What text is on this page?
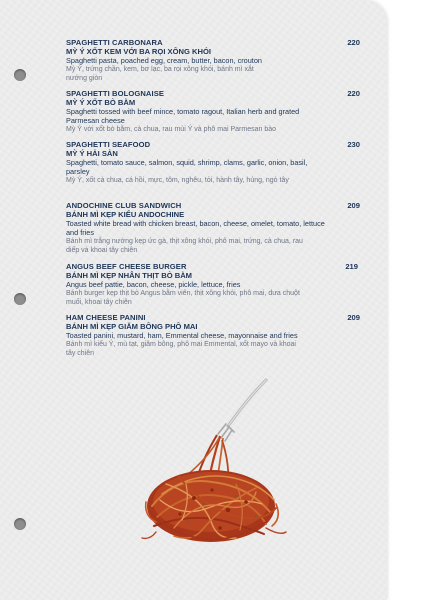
SPAGHETTI CARBONARA	220
MỲ Ý XỐT KEM VỚI BA RỌI XÔNG KHÓI
Spaghetti pasta, poached egg, cream, butter, bacon, crouton
Mỳ Ý, trứng chần, kem, bơ lạc, ba rọi xông khói, bánh mì xắt nướng giòn
SPAGHETTI BOLOGNAISE	220
MỲ Ý XỐT BÒ BẰM
Spaghetti tossed with beef mince, tomato ragout, Italian herb and grated Parmesan cheese
Mỳ Ý với xốt bò bằm, cà chua, rau mùi Ý và phô mai Parmesan bào
SPAGHETTI SEAFOOD	230
MỲ Ý HẢI SẢN
Spaghetti, tomato sauce, salmon, squid, shrimp, clams, garlic, onion, basil, parsley
Mỳ Ý, xốt cà chua, cá hồi, mực, tôm, nghêu, tỏi, hành tây, húng, ngò tây
ANDOCHINE CLUB SANDWICH	209
BÁNH MÌ KẸP KIỂU ANDOCHINE
Toasted white bread with chicken breast, bacon, cheese, omelet, tomato, lettuce and fries
Bánh mì trắng nướng kẹp ức gà, thịt xông khói, phô mai, trứng, cà chua, rau diếp và khoai tây chiên
ANGUS BEEF CHEESE BURGER	219
BÁNH MÌ KẸP NHÂN THỊT BÒ BẰM
Angus beef pattie, bacon, cheese, pickle, lettuce, fries
Bánh burger kẹp thịt bò Angus bằm viên, thịt xông khói, phô mai, dưa chuột muối, khoai tây chiên
HAM CHEESE PANINI	209
BÁNH MÌ KẸP GIĂM BÔNG PHÔ MAI
Toasted panini, mustard, ham, Emmental cheese, mayonnaise and fries
Bánh mì kiểu Ý, mù tạt, giăm bông, phô mai Emmental, xốt mayo và khoai tây chiên
